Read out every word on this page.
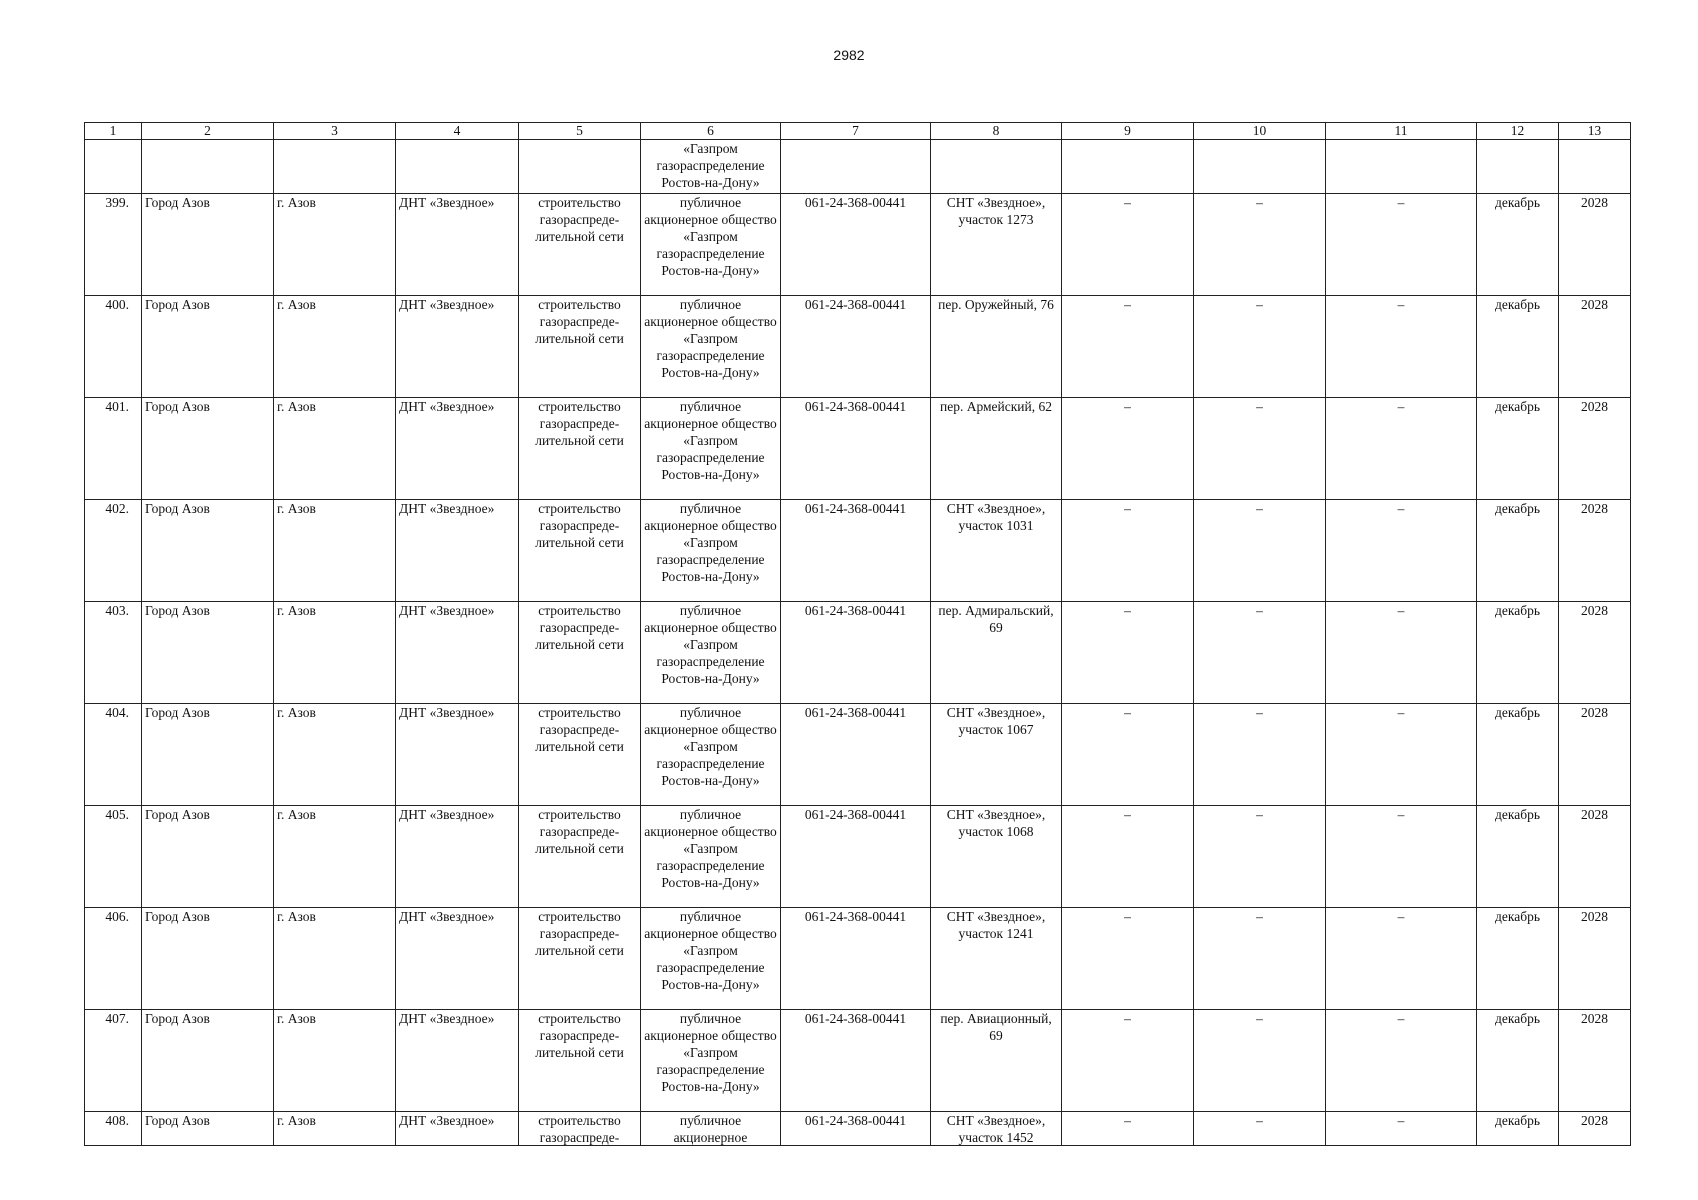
2982
1	2	3	4	5	6	7	8	9	10	11	12	13
					«Газпром газораспределение Ростов-на-Дону»							
399.	Город Азов	г. Азов	ДНТ «Звездное»	строительство газораспреде-лительной сети	публичное акционерное общество «Газпром газораспределение Ростов-на-Дону»	061-24-368-00441	СНТ «Звездное», участок 1273	–	–	–	декабрь	2028
400.	Город Азов	г. Азов	ДНТ «Звездное»	строительство газораспреде-лительной сети	публичное акционерное общество «Газпром газораспределение Ростов-на-Дону»	061-24-368-00441	пер. Оружейный, 76	–	–	–	декабрь	2028
401.	Город Азов	г. Азов	ДНТ «Звездное»	строительство газораспреде-лительной сети	публичное акционерное общество «Газпром газораспределение Ростов-на-Дону»	061-24-368-00441	пер. Армейский, 62	–	–	–	декабрь	2028
402.	Город Азов	г. Азов	ДНТ «Звездное»	строительство газораспреде-лительной сети	публичное акционерное общество «Газпром газораспределение Ростов-на-Дону»	061-24-368-00441	СНТ «Звездное», участок 1031	–	–	–	декабрь	2028
403.	Город Азов	г. Азов	ДНТ «Звездное»	строительство газораспреде-лительной сети	публичное акционерное общество «Газпром газораспределение Ростов-на-Дону»	061-24-368-00441	пер. Адмиральский, 69	–	–	–	декабрь	2028
404.	Город Азов	г. Азов	ДНТ «Звездное»	строительство газораспреде-лительной сети	публичное акционерное общество «Газпром газораспределение Ростов-на-Дону»	061-24-368-00441	СНТ «Звездное», участок 1067	–	–	–	декабрь	2028
405.	Город Азов	г. Азов	ДНТ «Звездное»	строительство газораспреде-лительной сети	публичное акционерное общество «Газпром газораспределение Ростов-на-Дону»	061-24-368-00441	СНТ «Звездное», участок 1068	–	–	–	декабрь	2028
406.	Город Азов	г. Азов	ДНТ «Звездное»	строительство газораспреде-лительной сети	публичное акционерное общество «Газпром газораспределение Ростов-на-Дону»	061-24-368-00441	СНТ «Звездное», участок 1241	–	–	–	декабрь	2028
407.	Город Азов	г. Азов	ДНТ «Звездное»	строительство газораспреде-лительной сети	публичное акционерное общество «Газпром газораспределение Ростов-на-Дону»	061-24-368-00441	пер. Авиационный, 69	–	–	–	декабрь	2028

408.	Город Азов	г. Азов	ДНТ «Звездное»	строительство газораспреде-	публичное акционерное	061-24-368-00441	СНТ «Звездное», участок 1452	–	–	–	декабрь	2028
